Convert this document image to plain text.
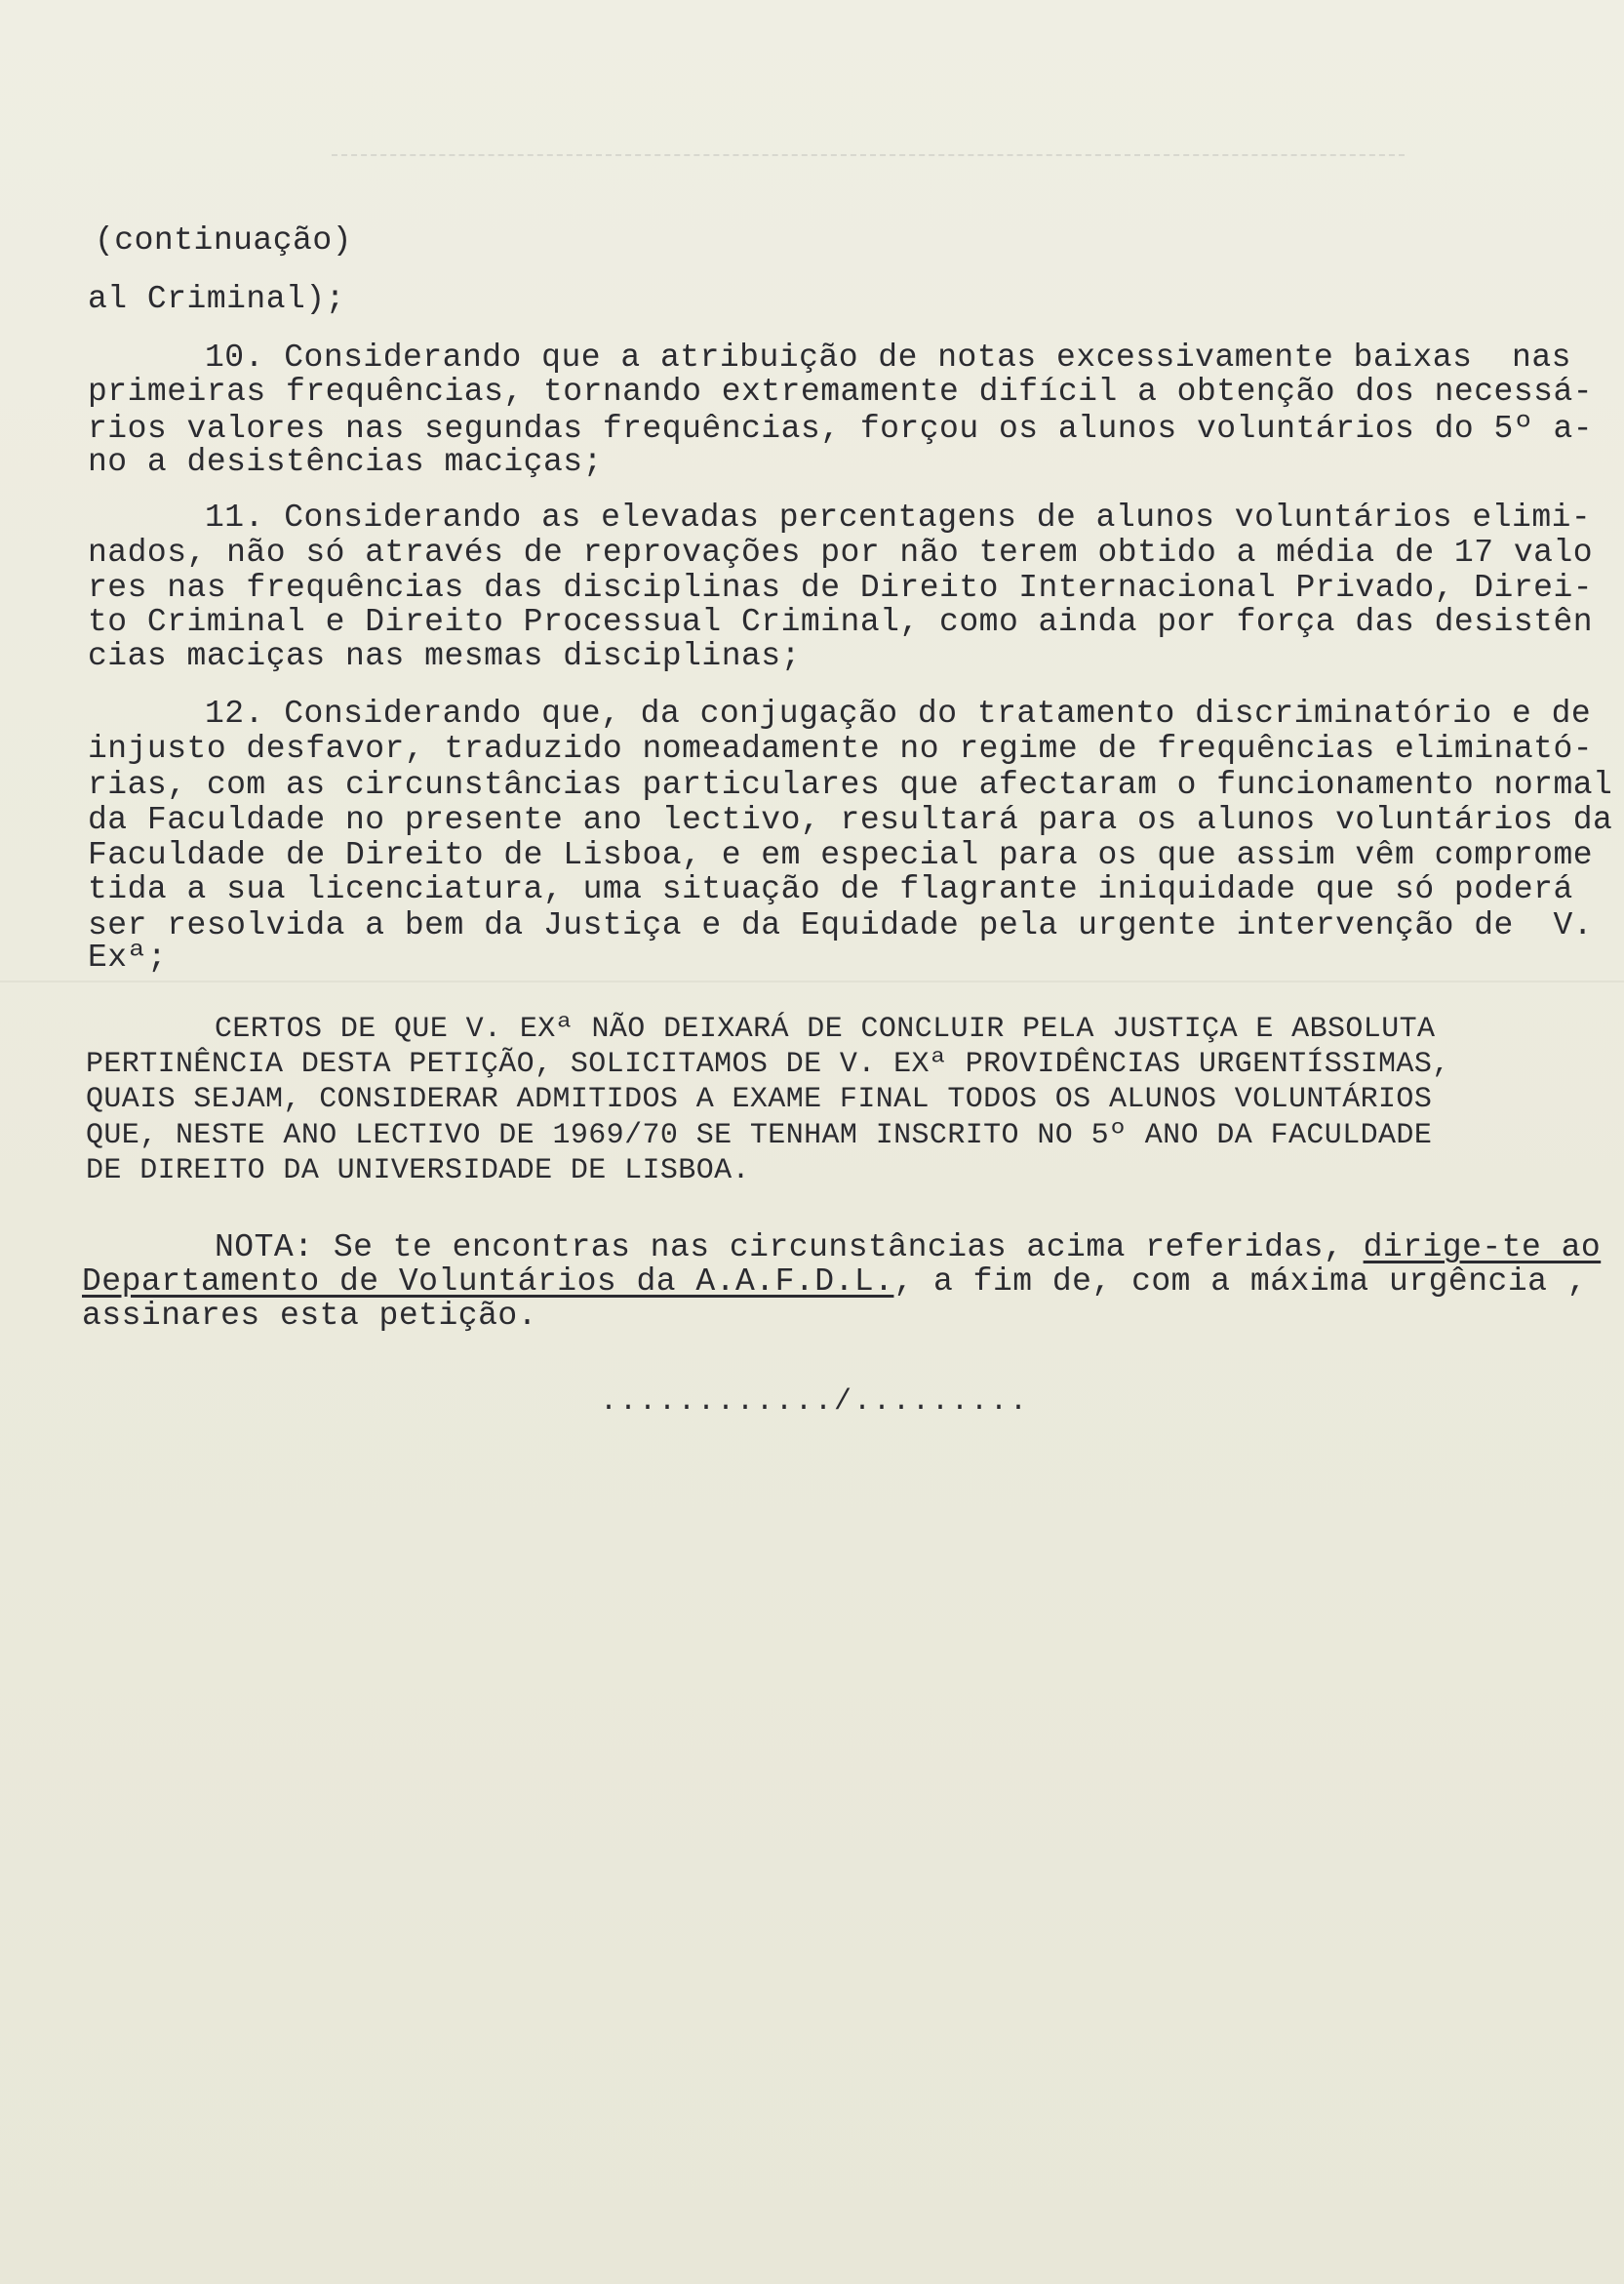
(continuação)
al Criminal);
10. Considerando que a atribuição de notas excessivamente baixas  nas
primeiras frequências, tornando extremamente difícil a obtenção dos necessá-
rios valores nas segundas frequências, forçou os alunos voluntários do 5º a-
no a desistências maciças;
11. Considerando as elevadas percentagens de alunos voluntários elimi-
nados, não só através de reprovações por não terem obtido a média de 17 valo
res nas frequências das disciplinas de Direito Internacional Privado, Direi-
to Criminal e Direito Processual Criminal, como ainda por força das desistên
cias maciças nas mesmas disciplinas;
12. Considerando que, da conjugação do tratamento discriminatório e de
injusto desfavor, traduzido nomeadamente no regime de frequências eliminató-
rias, com as circunstâncias particulares que afectaram o funcionamento normal
da Faculdade no presente ano lectivo, resultará para os alunos voluntários da
Faculdade de Direito de Lisboa, e em especial para os que assim vêm comprome
tida a sua licenciatura, uma situação de flagrante iniquidade que só poderá
ser resolvida a bem da Justiça e da Equidade pela urgente intervenção de  V.
Exª;
CERTOS DE QUE V. EXª NÃO DEIXARÁ DE CONCLUIR PELA JUSTIÇA E ABSOLUTA
PERTINÊNCIA DESTA PETIÇÃO, SOLICITAMOS DE V. EXª PROVIDÊNCIAS URGENTÍSSIMAS,
QUAIS SEJAM, CONSIDERAR ADMITIDOS A EXAME FINAL TODOS OS ALUNOS VOLUNTÁRIOS
QUE, NESTE ANO LECTIVO DE 1969/70 SE TENHAM INSCRITO NO 5º ANO DA FACULDADE
DE DIREITO DA UNIVERSIDADE DE LISBOA.
NOTA: Se te encontras nas circunstâncias acima referidas, dirige-te ao
Departamento de Voluntários da A.A.F.D.L., a fim de, com a máxima urgência ,
assinares esta petição.
............/.........
